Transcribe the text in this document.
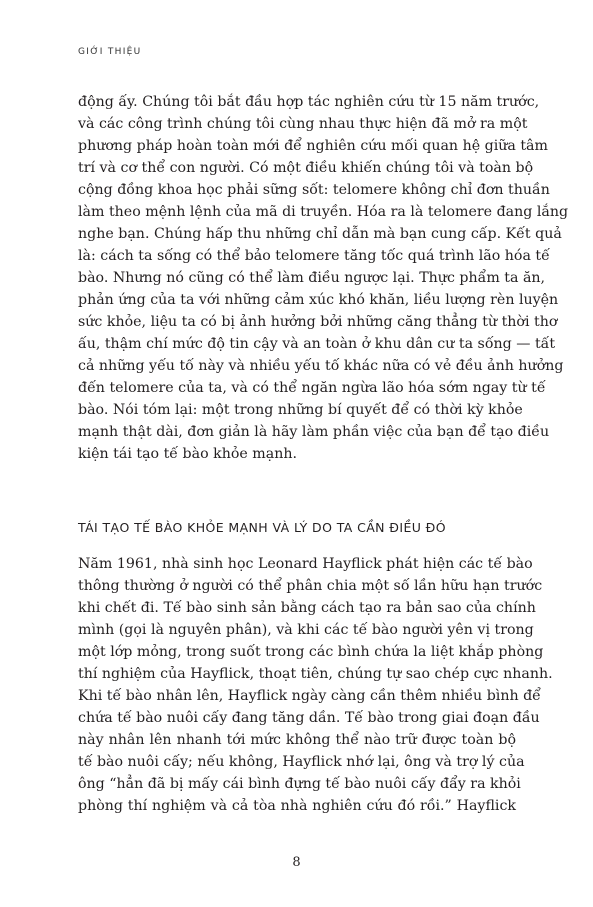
GIỚI THIỆU
động ấy. Chúng tôi bắt đầu hợp tác nghiên cứu từ 15 năm trước,
và các công trình chúng tôi cùng nhau thực hiện đã mở ra một
phương pháp hoàn toàn mới để nghiên cứu mối quan hệ giữa tâm
trí và cơ thể con người. Có một điều khiến chúng tôi và toàn bộ
cộng đồng khoa học phải sững sốt: telomere không chỉ đơn thuần
làm theo mệnh lệnh của mã di truyền. Hóa ra là telomere đang lắng
nghe bạn. Chúng hấp thu những chỉ dẫn mà bạn cung cấp. Kết quả
là: cách ta sống có thể bảo telomere tăng tốc quá trình lão hóa tế
bào. Nhưng nó cũng có thể làm điều ngược lại. Thực phẩm ta ăn,
phản ứng của ta với những cảm xúc khó khăn, liều lượng rèn luyện
sức khỏe, liệu ta có bị ảnh hưởng bởi những căng thẳng từ thời thơ
ấu, thậm chí mức độ tin cậy và an toàn ở khu dân cư ta sống — tất
cả những yếu tố này và nhiều yếu tố khác nữa có vẻ đều ảnh hưởng
đến telomere của ta, và có thể ngăn ngừa lão hóa sớm ngay từ tế
bào. Nói tóm lại: một trong những bí quyết để có thời kỳ khỏe
mạnh thật dài, đơn giản là hãy làm phần việc của bạn để tạo điều
kiện tái tạo tế bào khỏe mạnh.
TÁI TẠO TẾ BÀO KHỎE MẠNH VÀ LÝ DO TA CẦN ĐIỀU ĐÓ
Năm 1961, nhà sinh học Leonard Hayflick phát hiện các tế bào
thông thường ở người có thể phân chia một số lần hữu hạn trước
khi chết đi. Tế bào sinh sản bằng cách tạo ra bản sao của chính
mình (gọi là nguyên phân), và khi các tế bào người yên vị trong
một lớp mỏng, trong suốt trong các bình chứa la liệt khắp phòng
thí nghiệm của Hayflick, thoạt tiên, chúng tự sao chép cực nhanh.
Khi tế bào nhân lên, Hayflick ngày càng cần thêm nhiều bình để
chứa tế bào nuôi cấy đang tăng dần. Tế bào trong giai đoạn đầu
này nhân lên nhanh tới mức không thể nào trữ được toàn bộ
tế bào nuôi cấy; nếu không, Hayflick nhớ lại, ông và trợ lý của
ông “hẳn đã bị mấy cái bình đựng tế bào nuôi cấy đẩy ra khỏi
phòng thí nghiệm và cả tòa nhà nghiên cứu đó rồi.” Hayflick
8
